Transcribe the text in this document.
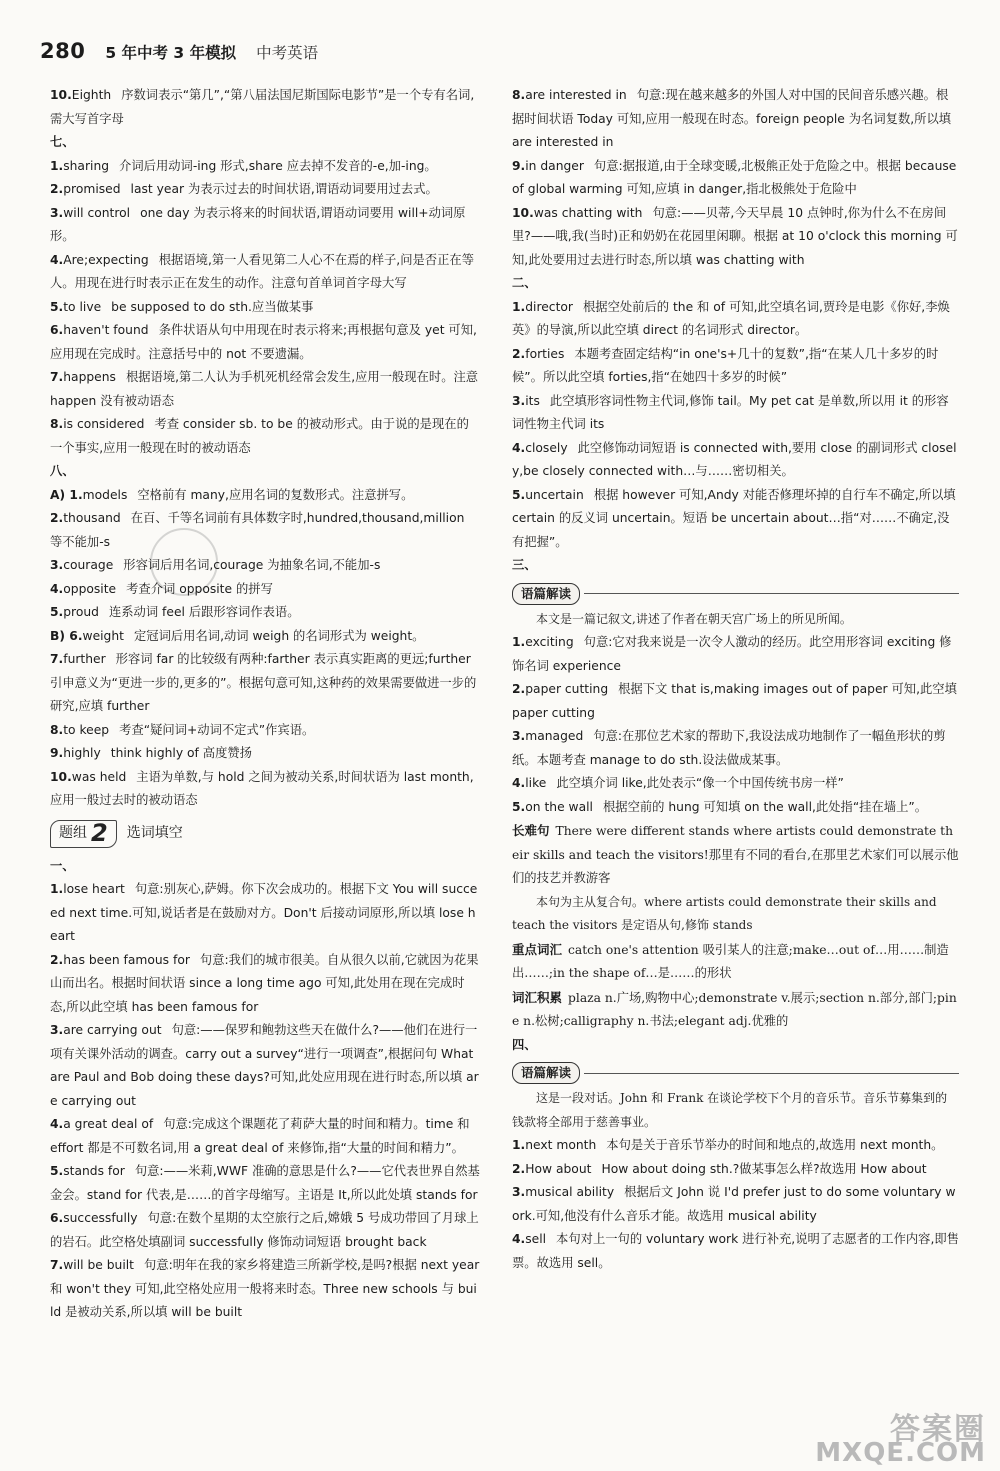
280 5 年中考 3 年模拟 中考英语

10.Eighth 序数词表示“第几”,“第八届法国尼斯国际电影节”是一个专有名词,需大写首字母

七、

1.sharing 介词后用动词-ing 形式,share 应去掉不发音的-e,加-ing。

2.promised last year 为表示过去的时间状语,谓语动词要用过去式。

3.will control one day 为表示将来的时间状语,谓语动词要用 will+动词原形。

4.Are;expecting 根据语境,第一人看见第二人心不在焉的样子,问是否正在等人。用现在进行时表示正在发生的动作。注意句首单词首字母大写

5.to live be supposed to do sth.应当做某事

6.haven't found 条件状语从句中用现在时表示将来;再根据句意及 yet 可知,应用现在完成时。注意括号中的 not 不要遗漏。

7.happens 根据语境,第二人认为手机死机经常会发生,应用一般现在时。注意 happen 没有被动语态

8.is considered 考查 consider sb. to be 的被动形式。由于说的是现在的一个事实,应用一般现在时的被动语态

八、

A) 1.models 空格前有 many,应用名词的复数形式。注意拼写。

2.thousand 在百、千等名词前有具体数字时,hundred,thousand,million 等不能加-s

3.courage 形容词后用名词,courage 为抽象名词,不能加-s

4.opposite 考查介词 opposite 的拼写

5.proud 连系动词 feel 后跟形容词作表语。

B) 6.weight 定冠词后用名词,动词 weigh 的名词形式为 weight。

7.further 形容词 far 的比较级有两种:farther 表示真实距离的更远;further 引申意义为“更进一步的,更多的”。根据句意可知,这种药的效果需要做进一步的研究,应填 further

8.to keep 考查“疑问词+动词不定式”作宾语。

9.highly think highly of 高度赞扬

10.was held 主语为单数,与 hold 之间为被动关系,时间状语为 last month,应用一般过去时的被动语态

题组 2 选词填空

一、

1.lose heart 句意:别灰心,萨姆。你下次会成功的。根据下文 You will succeed next time.可知,说话者是在鼓励对方。Don't 后接动词原形,所以填 lose heart

2.has been famous for 句意:我们的城市很美。自从很久以前,它就因为花果山而出名。根据时间状语 since a long time ago 可知,此处用在现在完成时态,所以此空填 has been famous for

3.are carrying out 句意:——保罗和鲍勃这些天在做什么?——他们在进行一项有关课外活动的调查。carry out a survey“进行一项调查”,根据问句 What are Paul and Bob doing these days?可知,此处应用现在进行时态,所以填 are carrying out

4.a great deal of 句意:完成这个课题花了莉萨大量的时间和精力。time 和 effort 都是不可数名词,用 a great deal of 来修饰,指“大量的时间和精力”。

5.stands for 句意:——米莉,WWF 准确的意思是什么?——它代表世界自然基金会。stand for 代表,是……的首字母缩写。主语是 It,所以此处填 stands for

6.successfully 句意:在数个星期的太空旅行之后,嫦娥 5 号成功带回了月球上的岩石。此空格处填副词 successfully 修饰动词短语 brought back

7.will be built 句意:明年在我的家乡将建造三所新学校,是吗?根据 next year 和 won't they 可知,此空格处应用一般将来时态。Three new schools 与 build 是被动关系,所以填 will be built

8.are interested in 句意:现在越来越多的外国人对中国的民间音乐感兴趣。根据时间状语 Today 可知,应用一般现在时态。foreign people 为名词复数,所以填 are interested in

9.in danger 句意:据报道,由于全球变暖,北极熊正处于危险之中。根据 because of global warming 可知,应填 in danger,指北极熊处于危险中

10.was chatting with 句意:——贝蒂,今天早晨 10 点钟时,你为什么不在房间里?——哦,我(当时)正和奶奶在花园里闲聊。根据 at 10 o'clock this morning 可知,此处要用过去进行时态,所以填 was chatting with

二、

1.director 根据空处前后的 the 和 of 可知,此空填名词,贾玲是电影《你好,李焕英》的导演,所以此空填 direct 的名词形式 director。

2.forties 本题考查固定结构“in one's+几十的复数”,指“在某人几十多岁的时候”。所以此空填 forties,指“在她四十多岁的时候”

3.its 此空填形容词性物主代词,修饰 tail。My pet cat 是单数,所以用 it 的形容词性物主代词 its

4.closely 此空修饰动词短语 is connected with,要用 close 的副词形式 closely,be closely connected with…与……密切相关。

5.uncertain 根据 however 可知,Andy 对能否修理坏掉的自行车不确定,所以填 certain 的反义词 uncertain。短语 be uncertain about…指“对……不确定,没有把握”。

三、

语篇解读

本文是一篇记叙文,讲述了作者在朝天宫广场上的所见所闻。

1.exciting 句意:它对我来说是一次令人激动的经历。此空用形容词 exciting 修饰名词 experience

2.paper cutting 根据下文 that is,making images out of paper 可知,此空填 paper cutting

3.managed 句意:在那位艺术家的帮助下,我设法成功地制作了一幅鱼形状的剪纸。本题考查 manage to do sth.设法做成某事。

4.like 此空填介词 like,此处表示“像一个中国传统书房一样”

5.on the wall 根据空前的 hung 可知填 on the wall,此处指“挂在墙上”。

长难句 There were different stands where artists could demonstrate their skills and teach the visitors!那里有不同的看台,在那里艺术家们可以展示他们的技艺并教游客

本句为主从复合句。where artists could demonstrate their skills and teach the visitors 是定语从句,修饰 stands

重点词汇 catch one's attention 吸引某人的注意;make…out of…用……制造出……;in the shape of…是……的形状

词汇积累 plaza n.广场,购物中心;demonstrate v.展示;section n.部分,部门;pine n.松树;calligraphy n.书法;elegant adj.优雅的

四、

语篇解读

这是一段对话。John 和 Frank 在谈论学校下个月的音乐节。音乐节募集到的钱款将全部用于慈善事业。

1.next month 本句是关于音乐节举办的时间和地点的,故选用 next month。

2.How about How about doing sth.?做某事怎么样?故选用 How about

3.musical ability 根据后文 John 说 I'd prefer just to do some voluntary work.可知,他没有什么音乐才能。故选用 musical ability

4.sell 本句对上一句的 voluntary work 进行补充,说明了志愿者的工作内容,即售票。故选用 sell。

答案圈
MXQE.COM
